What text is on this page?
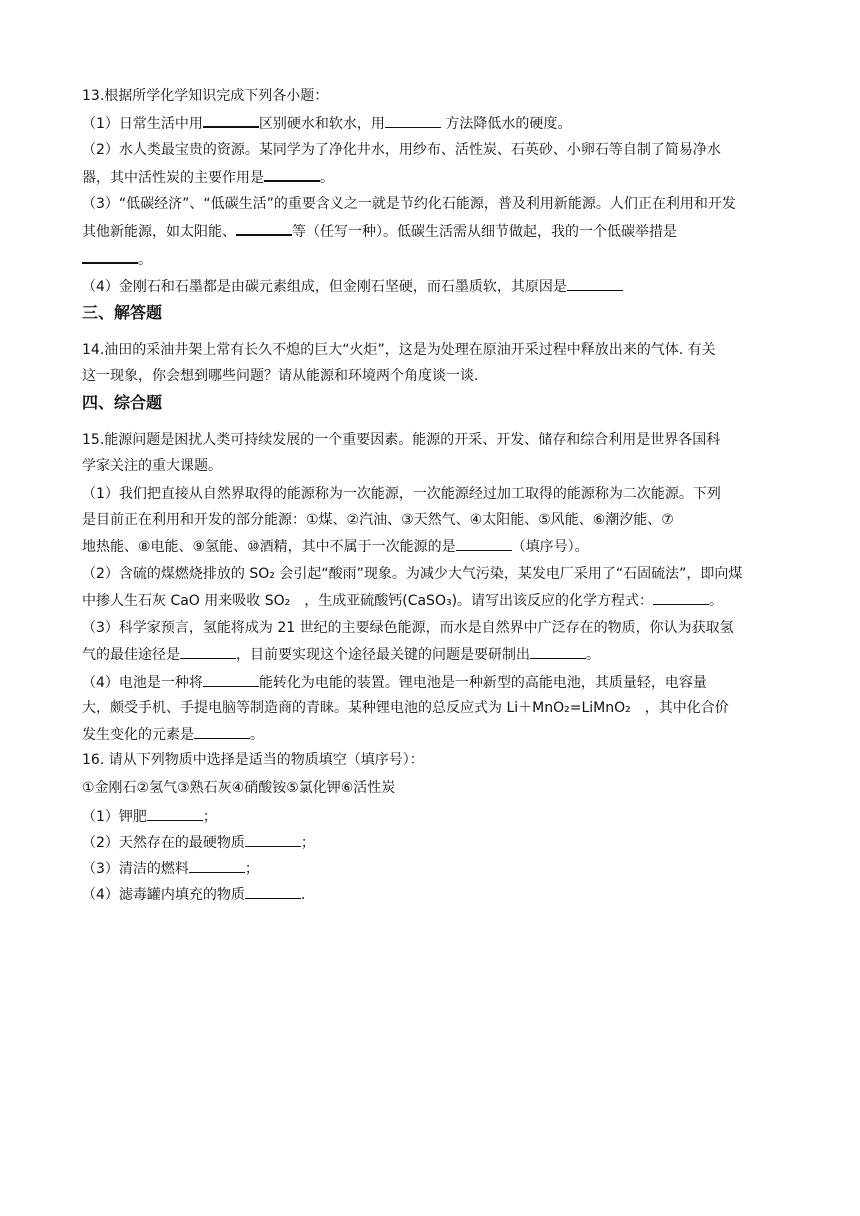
13.根据所学化学知识完成下列各小题：
（1）日常生活中用	区别硬水和软水，用	方法降低水的硬度。
（2）水人类最宝贵的资源。某同学为了净化井水，用纱布、活性炭、石英砂、小卵石等自制了简易净水
器，其中活性炭的主要作用是	。
（3）“低碳经济”、“低碳生活”的重要含义之一就是节约化石能源，普及利用新能源。人们正在利用和开发
其他新能源，如太阳能、	等（任写一种）。低碳生活需从细节做起，我的一个低碳举措是
。
（4）金刚石和石墨都是由碳元素组成，但金刚石坚硬，而石墨质软，其原因是
三、解答题
14.油田的采油井架上常有长久不熄的巨大“火炬”，这是为处理在原油开采过程中释放出来的气体. 有关
这一现象，你会想到哪些问题？请从能源和环境两个角度谈一谈.
四、综合题
15.能源问题是困扰人类可持续发展的一个重要因素。能源的开采、开发、储存和综合利用是世界各国科
学家关注的重大课题。
（1）我们把直接从自然界取得的能源称为一次能源，一次能源经过加工取得的能源称为二次能源。下列
是目前正在利用和开发的部分能源：①煤、②汽油、③天然气、④太阳能、⑤风能、⑥潮汐能、⑦
地热能、⑧电能、⑨氢能、⑩酒精，其中不属于一次能源的是	（填序号）。
（2）含硫的煤燃烧排放的 SO₂ 会引起“酸雨”现象。为减少大气污染，某发电厂采用了“石固硫法”，即向煤
中掺人生石灰 CaO 用来吸收 SO₂　，生成亚硫酸钙(CaSO₃)。请写出该反应的化学方程式：	。
（3）科学家预言，氢能将成为 21 世纪的主要绿色能源，而水是自然界中广泛存在的物质，你认为获取氢
气的最佳途径是	，目前要实现这个途径最关键的问题是要研制出	。
（4）电池是一种将	能转化为电能的装置。锂电池是一种新型的高能电池，其质量轻，电容量
大，颇受手机、手提电脑等制造商的青睐。某种锂电池的总反应式为 Li＋MnO₂=LiMnO₂　，其中化合价
发生变化的元素是	。
16. 请从下列物质中选择是适当的物质填空（填序号）：
①金刚石②氢气③熟石灰④硝酸铵⑤氯化钾⑥活性炭
（1）钾肥	；
（2）天然存在的最硬物质	；
（3）清洁的燃料	；
（4）滤毒罐内填充的物质	.
